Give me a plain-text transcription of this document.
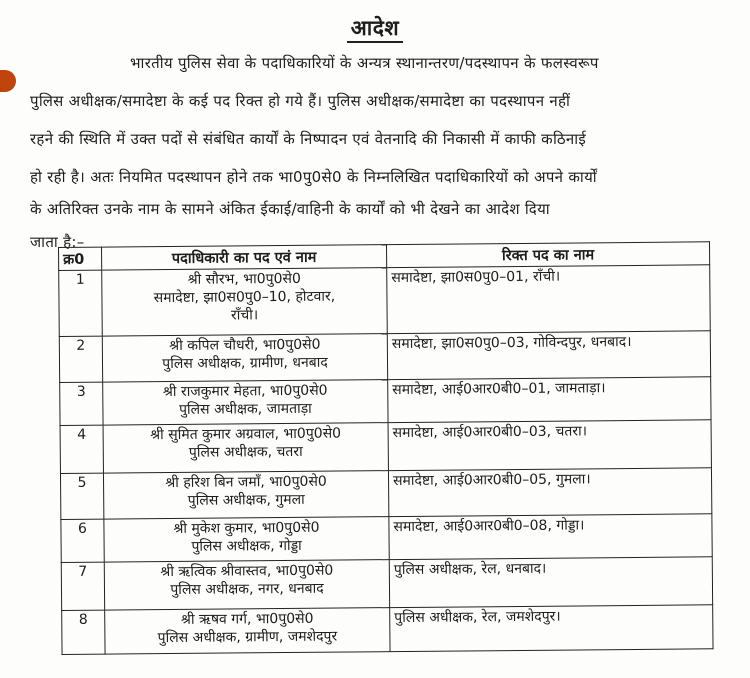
आदेश
भारतीय पुलिस सेवा के पदाधिकारियों के अन्यत्र स्थानान्तरण/पदस्थापन के फलस्वरूप
पुलिस अधीक्षक/समादेष्टा के कई पद रिक्त हो गये हैं। पुलिस अधीक्षक/समादेष्टा का पदस्थापन नहीं
रहने की स्थिति में उक्त पदों से संबंधित कार्यों के निष्पादन एवं वेतनादि की निकासी में काफी कठिनाई
हो रही है। अतः नियमित पदस्थापन होने तक भा0पु0से0 के निम्नलिखित पदाधिकारियों को अपने कार्यों
के अतिरिक्त उनके नाम के सामने अंकित ईकाई/वाहिनी के कार्यों को भी देखने का आदेश दिया
जाता है:–
क्र0	पदाधिकारी का पद एवं नाम	रिक्त पद का नाम
1	श्री सौरभ, भा0पु0से0
समादेष्टा, झा0स0पु0–10, होटवार,
राँची।	समादेष्टा, झा0स0पु0–01, राँची।
2	श्री कपिल चौधरी, भा0पु0से0
पुलिस अधीक्षक, ग्रामीण, धनबाद	समादेष्टा, झा0स0पु0–03, गोविन्दपुर, धनबाद।
3	श्री राजकुमार मेहता, भा0पु0से0
पुलिस अधीक्षक, जामताड़ा	समादेष्टा, आई0आर0बी0–01, जामताड़ा।
4	श्री सुमित कुमार अग्रवाल, भा0पु0से0
पुलिस अधीक्षक, चतरा	समादेष्टा, आई0आर0बी0–03, चतरा।
5	श्री हरिश बिन जमाँ, भा0पु0से0
पुलिस अधीक्षक, गुमला	समादेष्टा, आई0आर0बी0–05, गुमला।
6	श्री मुकेश कुमार, भा0पु0से0
पुलिस अधीक्षक, गोड्डा	समादेष्टा, आई0आर0बी0–08, गोड्डा।
7	श्री ऋत्विक श्रीवास्तव, भा0पु0से0
पुलिस अधीक्षक, नगर, धनबाद	पुलिस अधीक्षक, रेल, धनबाद।
8	श्री ऋषव गर्ग, भा0पु0से0
पुलिस अधीक्षक, ग्रामीण, जमशेदपुर	पुलिस अधीक्षक, रेल, जमशेदपुर।
